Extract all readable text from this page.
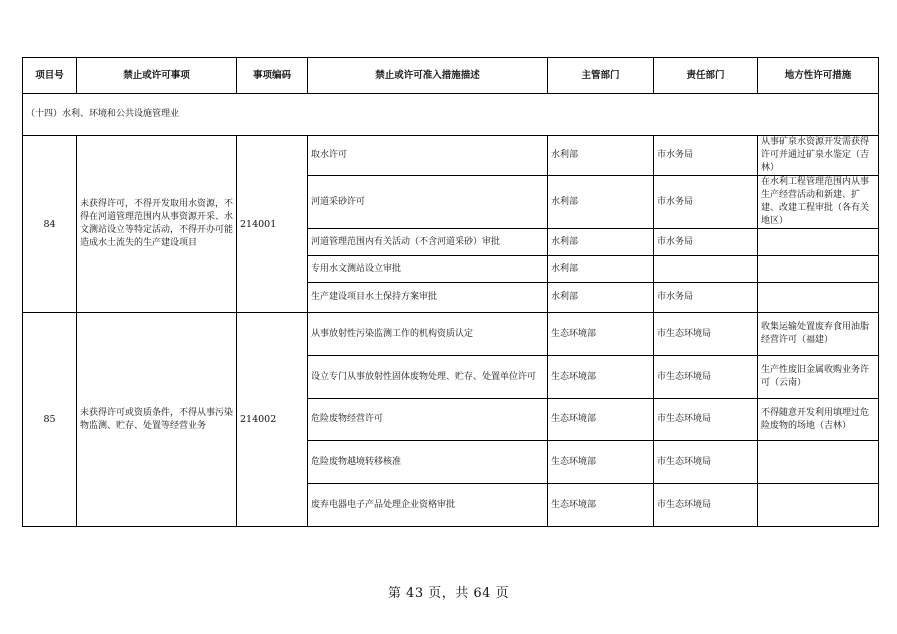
项目号	禁止或许可事项	事项编码	禁止或许可准入措施描述	主管部门	责任部门	地方性许可措施
（十四）水利、环境和公共设施管理业						
84	未获得许可，不得开发取用水资源，不得在河道管理范围内从事资源开采、水文测站设立等特定活动，不得开办可能造成水土流失的生产建设项目	214001	取水许可	水利部	市水务局	从事矿泉水资源开发需获得许可并通过矿泉水鉴定（吉林）
			河道采砂许可	水利部	市水务局	在水利工程管理范围内从事生产经营活动和新建、扩建、改建工程审批（各有关地区）
			河道管理范围内有关活动（不含河道采砂）审批	水利部	市水务局	
			专用水文测站设立审批	水利部		
			生产建设项目水土保持方案审批	水利部	市水务局	
85	未获得许可或资质条件，不得从事污染物监测、贮存、处置等经营业务	214002	从事放射性污染监测工作的机构资质认定	生态环境部	市生态环境局	收集运输处置废弃食用油脂经营许可（福建）
			设立专门从事放射性固体废物处理、贮存、处置单位许可	生态环境部	市生态环境局	生产性废旧金属收购业务许可（云南）
			危险废物经营许可	生态环境部	市生态环境局	不得随意开发利用填埋过危险废物的场地（吉林）
			危险废物越境转移核准	生态环境部	市生态环境局	
			废弃电器电子产品处理企业资格审批	生态环境部	市生态环境局	
第 43 页，共 64 页
